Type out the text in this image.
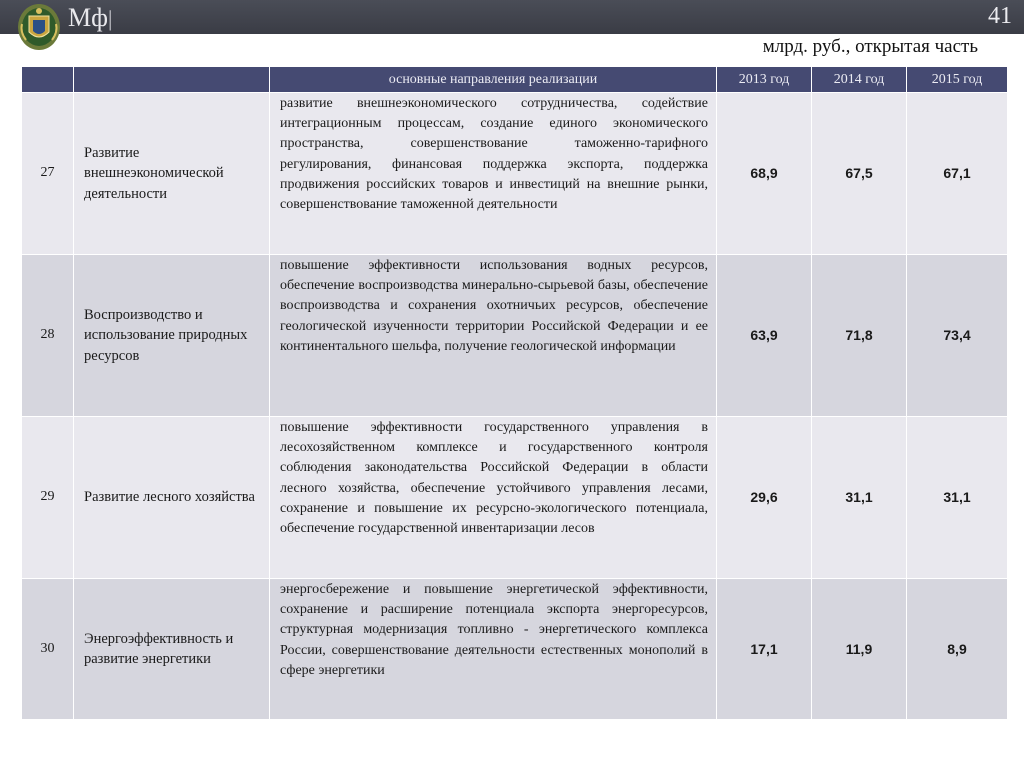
Мф|	41
млрд. руб., открытая часть
		основные направления реализации	2013 год	2014 год	2015 год
27	Развитие внешнеэкономической деятельности	развитие внешнеэкономического сотрудничества, содействие интеграционным процессам, создание единого экономического пространства, совершенствование таможенно-тарифного регулирования, финансовая поддержка экспорта, поддержка продвижения российских товаров и инвестиций на внешние рынки, совершенствование таможенной деятельности	68,9	67,5	67,1
28	Воспроизводство и использование природных ресурсов	повышение эффективности использования водных ресурсов, обеспечение воспроизводства минерально-сырьевой базы, обеспечение воспроизводства и сохранения охотничьих ресурсов, обеспечение геологической изученности территории Российской Федерации и ее континентального шельфа, получение геологической информации	63,9	71,8	73,4
29	Развитие лесного хозяйства	повышение эффективности государственного управления в лесохозяйственном комплексе и государственного контроля соблюдения законодательства Российской Федерации в области лесного хозяйства, обеспечение устойчивого управления лесами, сохранение и повышение их ресурсно-экологического потенциала, обеспечение государственной инвентаризации лесов	29,6	31,1	31,1
30	Энергоэффективность и развитие энергетики	энергосбережение и повышение энергетической эффективности, сохранение и расширение потенциала экспорта энергоресурсов, структурная модернизация топливно - энергетического комплекса России, совершенствование деятельности естественных монополий в сфере энергетики	17,1	11,9	8,9
